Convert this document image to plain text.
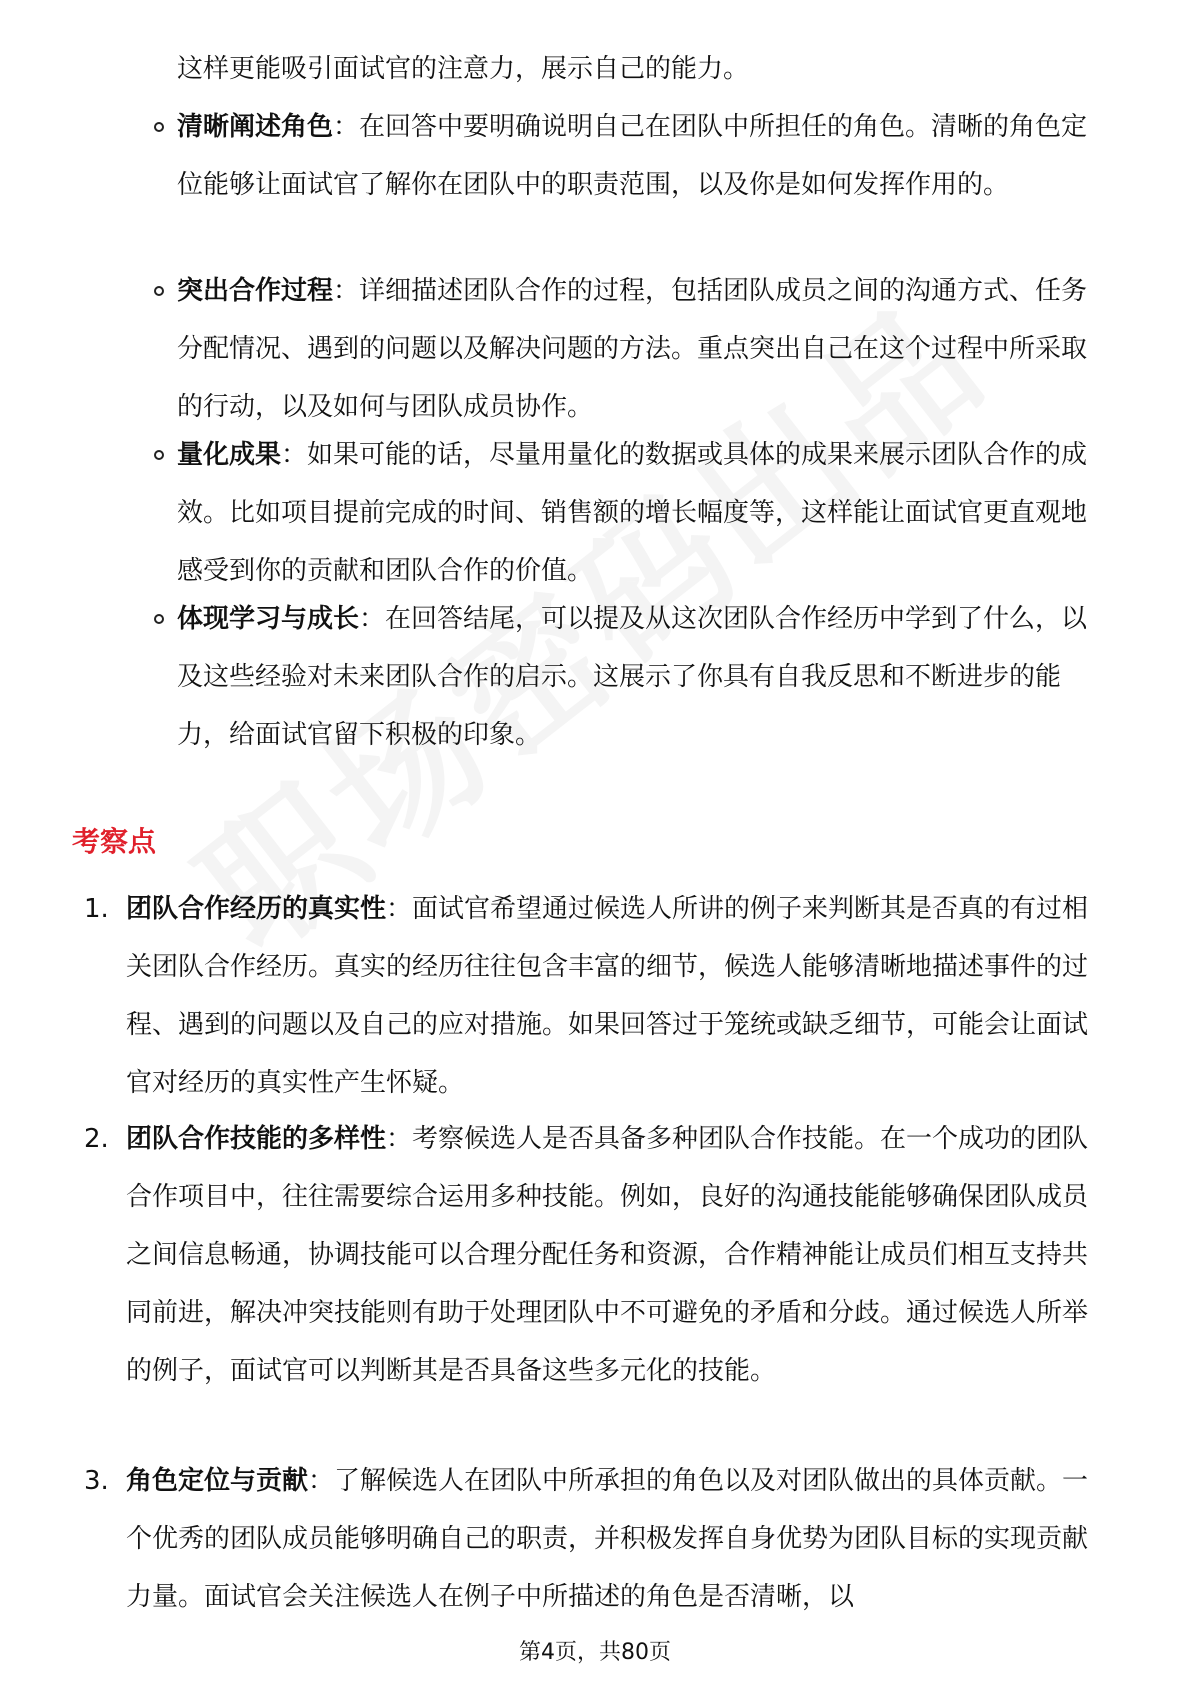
这样更能吸引面试官的注意力，展示自己的能力。

清晰阐述角色：在回答中要明确说明自己在团队中所担任的角色。清晰的角色定位能够让面试官了解你在团队中的职责范围，以及你是如何发挥作用的。

突出合作过程：详细描述团队合作的过程，包括团队成员之间的沟通方式、任务分配情况、遇到的问题以及解决问题的方法。重点突出自己在这个过程中所采取的行动，以及如何与团队成员协作。

量化成果：如果可能的话，尽量用量化的数据或具体的成果来展示团队合作的成效。比如项目提前完成的时间、销售额的增长幅度等，这样能让面试官更直观地感受到你的贡献和团队合作的价值。

体现学习与成长：在回答结尾，可以提及从这次团队合作经历中学到了什么，以及这些经验对未来团队合作的启示。这展示了你具有自我反思和不断进步的能力，给面试官留下积极的印象。

考察点
1. 团队合作经历的真实性：面试官希望通过候选人所讲的例子来判断其是否真的有过相关团队合作经历。真实的经历往往包含丰富的细节，候选人能够清晰地描述事件的过程、遇到的问题以及自己的应对措施。如果回答过于笼统或缺乏细节，可能会让面试官对经历的真实性产生怀疑。

2. 团队合作技能的多样性：考察候选人是否具备多种团队合作技能。在一个成功的团队合作项目中，往往需要综合运用多种技能。例如，良好的沟通技能能够确保团队成员之间信息畅通，协调技能可以合理分配任务和资源，合作精神能让成员们相互支持共同前进，解决冲突技能则有助于处理团队中不可避免的矛盾和分歧。通过候选人所举的例子，面试官可以判断其是否具备这些多元化的技能。

3. 角色定位与贡献：了解候选人在团队中所承担的角色以及对团队做出的具体贡献。一个优秀的团队成员能够明确自己的职责，并积极发挥自身优势为团队目标的实现贡献力量。面试官会关注候选人在例子中所描述的角色是否清晰，以

第4页，共80页
